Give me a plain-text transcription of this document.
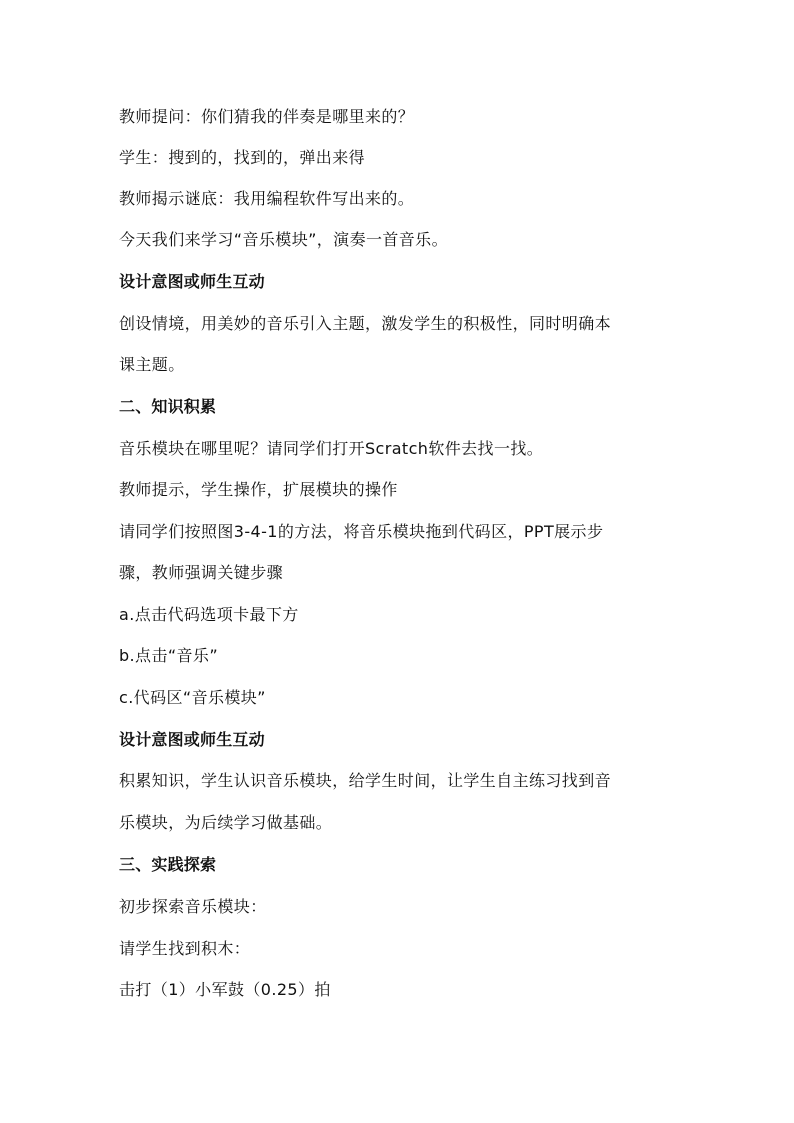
教师提问：你们猜我的伴奏是哪里来的？
学生：搜到的，找到的，弹出来得
教师揭示谜底：我用编程软件写出来的。
今天我们来学习“音乐模块”，演奏一首音乐。
设计意图或师生互动
创设情境，用美妙的音乐引入主题，激发学生的积极性，同时明确本
课主题。
二、知识积累
音乐模块在哪里呢？请同学们打开Scratch软件去找一找。
教师提示，学生操作，扩展模块的操作
请同学们按照图3-4-1的方法，将音乐模块拖到代码区，PPT展示步
骤，教师强调关键步骤
a.点击代码选项卡最下方
b.点击“音乐”
c.代码区“音乐模块”
设计意图或师生互动
积累知识，学生认识音乐模块，给学生时间，让学生自主练习找到音
乐模块，为后续学习做基础。
三、实践探索
初步探索音乐模块：
请学生找到积木：
击打（1）小军鼓（0.25）拍
